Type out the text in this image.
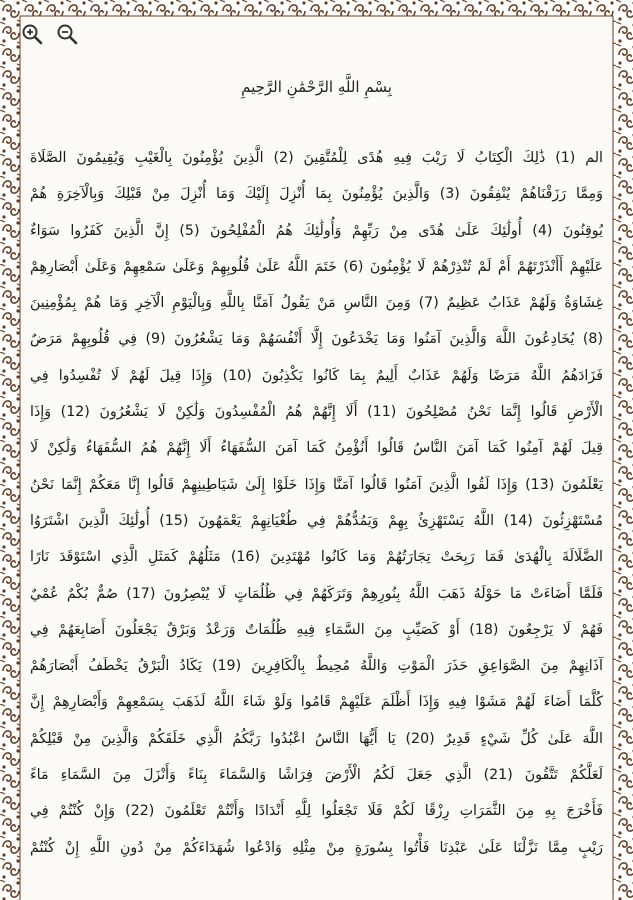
بِسْمِ اللَّهِ الرَّحْمَٰنِ الرَّحِيمِ
الم (1) ذَٰلِكَ الْكِتَابُ لَا رَيْبَ فِيهِ هُدًى لِلْمُتَّقِينَ (2) الَّذِينَ يُؤْمِنُونَ بِالْغَيْبِ وَيُقِيمُونَ الصَّلَاةَ
وَمِمَّا رَزَقْنَاهُمْ يُنْفِقُونَ (3) وَالَّذِينَ يُؤْمِنُونَ بِمَا أُنْزِلَ إِلَيْكَ وَمَا أُنْزِلَ مِنْ قَبْلِكَ وَبِالْآخِرَةِ هُمْ
يُوقِنُونَ (4) أُولَٰئِكَ عَلَىٰ هُدًى مِنْ رَبِّهِمْ وَأُولَٰئِكَ هُمُ الْمُفْلِحُونَ (5) إِنَّ الَّذِينَ كَفَرُوا سَوَاءٌ
عَلَيْهِمْ أَأَنْذَرْتَهُمْ أَمْ لَمْ تُنْذِرْهُمْ لَا يُؤْمِنُونَ (6) خَتَمَ اللَّهُ عَلَىٰ قُلُوبِهِمْ وَعَلَىٰ سَمْعِهِمْ وَعَلَىٰ أَبْصَارِهِمْ
غِشَاوَةٌ وَلَهُمْ عَذَابٌ عَظِيمٌ (7) وَمِنَ النَّاسِ مَنْ يَقُولُ آمَنَّا بِاللَّهِ وَبِالْيَوْمِ الْآخِرِ وَمَا هُمْ بِمُؤْمِنِينَ
(8) يُخَادِعُونَ اللَّهَ وَالَّذِينَ آمَنُوا وَمَا يَخْدَعُونَ إِلَّا أَنْفُسَهُمْ وَمَا يَشْعُرُونَ (9) فِي قُلُوبِهِمْ مَرَضٌ
فَزَادَهُمُ اللَّهُ مَرَضًا وَلَهُمْ عَذَابٌ أَلِيمٌ بِمَا كَانُوا يَكْذِبُونَ (10) وَإِذَا قِيلَ لَهُمْ لَا تُفْسِدُوا فِي
الْأَرْضِ قَالُوا إِنَّمَا نَحْنُ مُصْلِحُونَ (11) أَلَا إِنَّهُمْ هُمُ الْمُفْسِدُونَ وَلَٰكِنْ لَا يَشْعُرُونَ (12) وَإِذَا
قِيلَ لَهُمْ آمِنُوا كَمَا آمَنَ النَّاسُ قَالُوا أَنُؤْمِنُ كَمَا آمَنَ السُّفَهَاءُ أَلَا إِنَّهُمْ هُمُ السُّفَهَاءُ وَلَٰكِنْ لَا
يَعْلَمُونَ (13) وَإِذَا لَقُوا الَّذِينَ آمَنُوا قَالُوا آمَنَّا وَإِذَا خَلَوْا إِلَىٰ شَيَاطِينِهِمْ قَالُوا إِنَّا مَعَكُمْ إِنَّمَا نَحْنُ
مُسْتَهْزِئُونَ (14) اللَّهُ يَسْتَهْزِئُ بِهِمْ وَيَمُدُّهُمْ فِي طُغْيَانِهِمْ يَعْمَهُونَ (15) أُولَٰئِكَ الَّذِينَ اشْتَرَوُا
الضَّلَالَةَ بِالْهُدَىٰ فَمَا رَبِحَتْ تِجَارَتُهُمْ وَمَا كَانُوا مُهْتَدِينَ (16) مَثَلُهُمْ كَمَثَلِ الَّذِي اسْتَوْقَدَ نَارًا
فَلَمَّا أَضَاءَتْ مَا حَوْلَهُ ذَهَبَ اللَّهُ بِنُورِهِمْ وَتَرَكَهُمْ فِي ظُلُمَاتٍ لَا يُبْصِرُونَ (17) صُمٌّ بُكْمٌ عُمْيٌ
فَهُمْ لَا يَرْجِعُونَ (18) أَوْ كَصَيِّبٍ مِنَ السَّمَاءِ فِيهِ ظُلُمَاتٌ وَرَعْدٌ وَبَرْقٌ يَجْعَلُونَ أَصَابِعَهُمْ فِي
آذَانِهِمْ مِنَ الصَّوَاعِقِ حَذَرَ الْمَوْتِ وَاللَّهُ مُحِيطٌ بِالْكَافِرِينَ (19) يَكَادُ الْبَرْقُ يَخْطَفُ أَبْصَارَهُمْ
كُلَّمَا أَضَاءَ لَهُمْ مَشَوْا فِيهِ وَإِذَا أَظْلَمَ عَلَيْهِمْ قَامُوا وَلَوْ شَاءَ اللَّهُ لَذَهَبَ بِسَمْعِهِمْ وَأَبْصَارِهِمْ إِنَّ
اللَّهَ عَلَىٰ كُلِّ شَيْءٍ قَدِيرٌ (20) يَا أَيُّهَا النَّاسُ اعْبُدُوا رَبَّكُمُ الَّذِي خَلَقَكُمْ وَالَّذِينَ مِنْ قَبْلِكُمْ
لَعَلَّكُمْ تَتَّقُونَ (21) الَّذِي جَعَلَ لَكُمُ الْأَرْضَ فِرَاشًا وَالسَّمَاءَ بِنَاءً وَأَنْزَلَ مِنَ السَّمَاءِ مَاءً
فَأَخْرَجَ بِهِ مِنَ الثَّمَرَاتِ رِزْقًا لَكُمْ فَلَا تَجْعَلُوا لِلَّهِ أَنْدَادًا وَأَنْتُمْ تَعْلَمُونَ (22) وَإِنْ كُنْتُمْ فِي
رَيْبٍ مِمَّا نَزَّلْنَا عَلَىٰ عَبْدِنَا فَأْتُوا بِسُورَةٍ مِنْ مِثْلِهِ وَادْعُوا شُهَدَاءَكُمْ مِنْ دُونِ اللَّهِ إِنْ كُنْتُمْ
